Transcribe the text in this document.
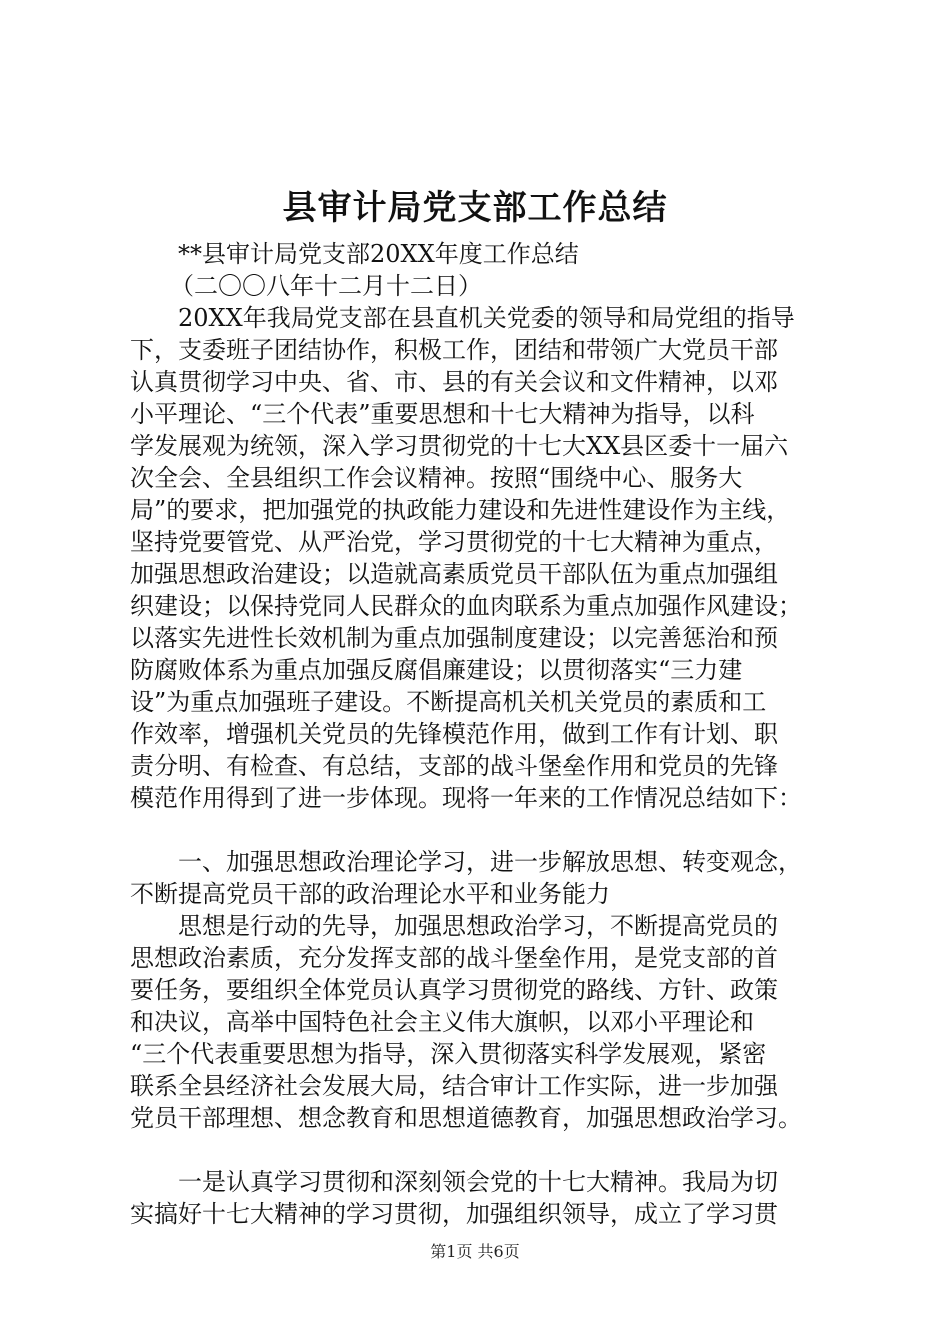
县审计局党支部工作总结
**县审计局党支部20XX年度工作总结
（二〇〇八年十二月十二日）
20XX年我局党支部在县直机关党委的领导和局党组的指导
下，支委班子团结协作，积极工作，团结和带领广大党员干部
认真贯彻学习中央、省、市、县的有关会议和文件精神，以邓
小平理论、“三个代表”重要思想和十七大精神为指导，以科
学发展观为统领，深入学习贯彻党的十七大XX县区委十一届六
次全会、全县组织工作会议精神。按照“围绕中心、服务大
局”的要求，把加强党的执政能力建设和先进性建设作为主线，
坚持党要管党、从严治党，学习贯彻党的十七大精神为重点，
加强思想政治建设；以造就高素质党员干部队伍为重点加强组
织建设；以保持党同人民群众的血肉联系为重点加强作风建设；
以落实先进性长效机制为重点加强制度建设；以完善惩治和预
防腐败体系为重点加强反腐倡廉建设；以贯彻落实“三力建
设”为重点加强班子建设。不断提高机关机关党员的素质和工
作效率，增强机关党员的先锋模范作用，做到工作有计划、职
责分明、有检查、有总结，支部的战斗堡垒作用和党员的先锋
模范作用得到了进一步体现。现将一年来的工作情况总结如下：
一、加强思想政治理论学习，进一步解放思想、转变观念，
不断提高党员干部的政治理论水平和业务能力
思想是行动的先导，加强思想政治学习，不断提高党员的
思想政治素质，充分发挥支部的战斗堡垒作用，是党支部的首
要任务，要组织全体党员认真学习贯彻党的路线、方针、政策
和决议，高举中国特色社会主义伟大旗帜，以邓小平理论和
“三个代表重要思想为指导，深入贯彻落实科学发展观，紧密
联系全县经济社会发展大局，结合审计工作实际，进一步加强
党员干部理想、想念教育和思想道德教育，加强思想政治学习。
一是认真学习贯彻和深刻领会党的十七大精神。我局为切
实搞好十七大精神的学习贯彻，加强组织领导，成立了学习贯
第1页 共6页
